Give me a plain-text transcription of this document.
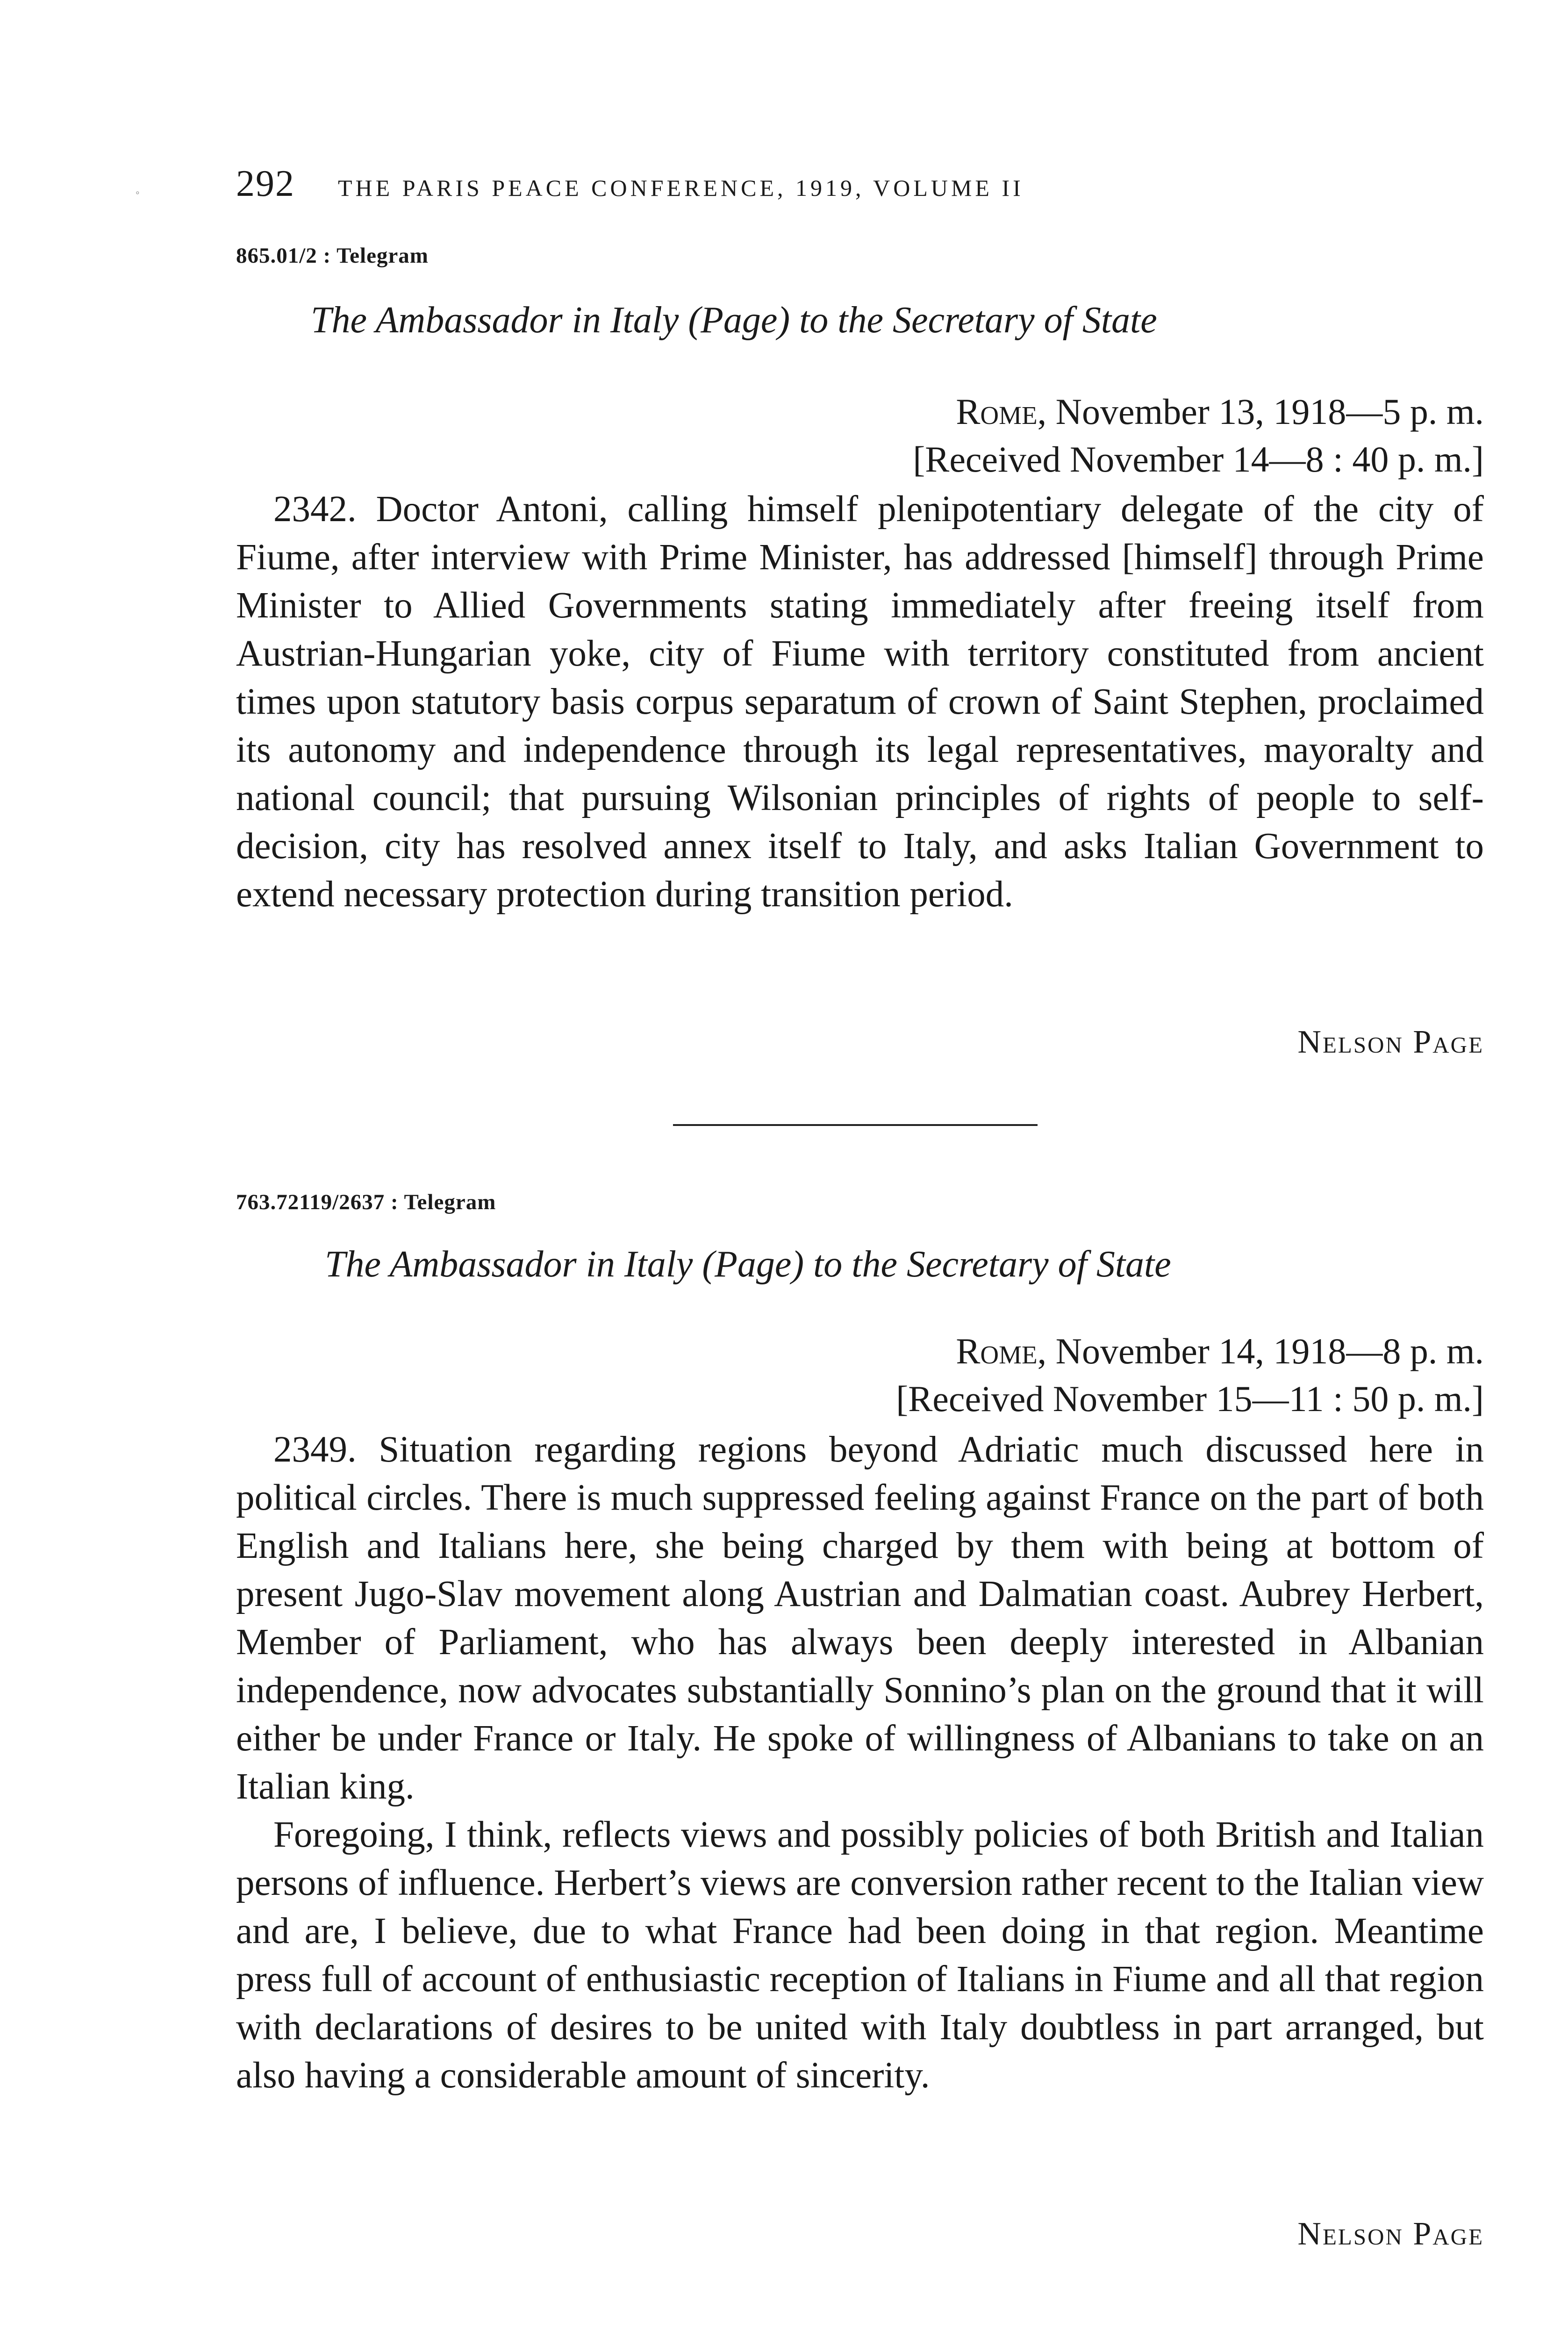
◦	292 THE PARIS PEACE CONFERENCE, 1919, VOLUME II
865.01/2 : Telegram
The Ambassador in Italy (Page) to the Secretary of State
Rome, November 13, 1918—5 p. m.
[Received November 14—8 : 40 p. m.]

2342. Doctor Antoni, calling himself plenipotentiary delegate of the city of Fiume, after interview with Prime Minister, has addressed [himself] through Prime Minister to Allied Governments stating immediately after freeing itself from Austrian-Hungarian yoke, city of Fiume with territory constituted from ancient times upon statutory basis corpus separatum of crown of Saint Stephen, proclaimed its autonomy and independence through its legal representatives, mayoralty and national council; that pursuing Wilsonian principles of rights of people to self-decision, city has resolved annex itself to Italy, and asks Italian Government to extend necessary protection during transition period.

Nelson Page
763.72119/2637 : Telegram
The Ambassador in Italy (Page) to the Secretary of State
Rome, November 14, 1918—8 p. m.
[Received November 15—11 : 50 p. m.]

2349. Situation regarding regions beyond Adriatic much discussed here in political circles. There is much suppressed feeling against France on the part of both English and Italians here, she being charged by them with being at bottom of present Jugo-Slav movement along Austrian and Dalmatian coast. Aubrey Herbert, Member of Parliament, who has always been deeply interested in Albanian independence, now advocates substantially Sonnino’s plan on the ground that it will either be under France or Italy. He spoke of willingness of Albanians to take on an Italian king.

Foregoing, I think, reflects views and possibly policies of both British and Italian persons of influence. Herbert’s views are conversion rather recent to the Italian view and are, I believe, due to what France had been doing in that region. Meantime press full of account of enthusiastic reception of Italians in Fiume and all that region with declarations of desires to be united with Italy doubtless in part arranged, but also having a considerable amount of sincerity.

Nelson Page
